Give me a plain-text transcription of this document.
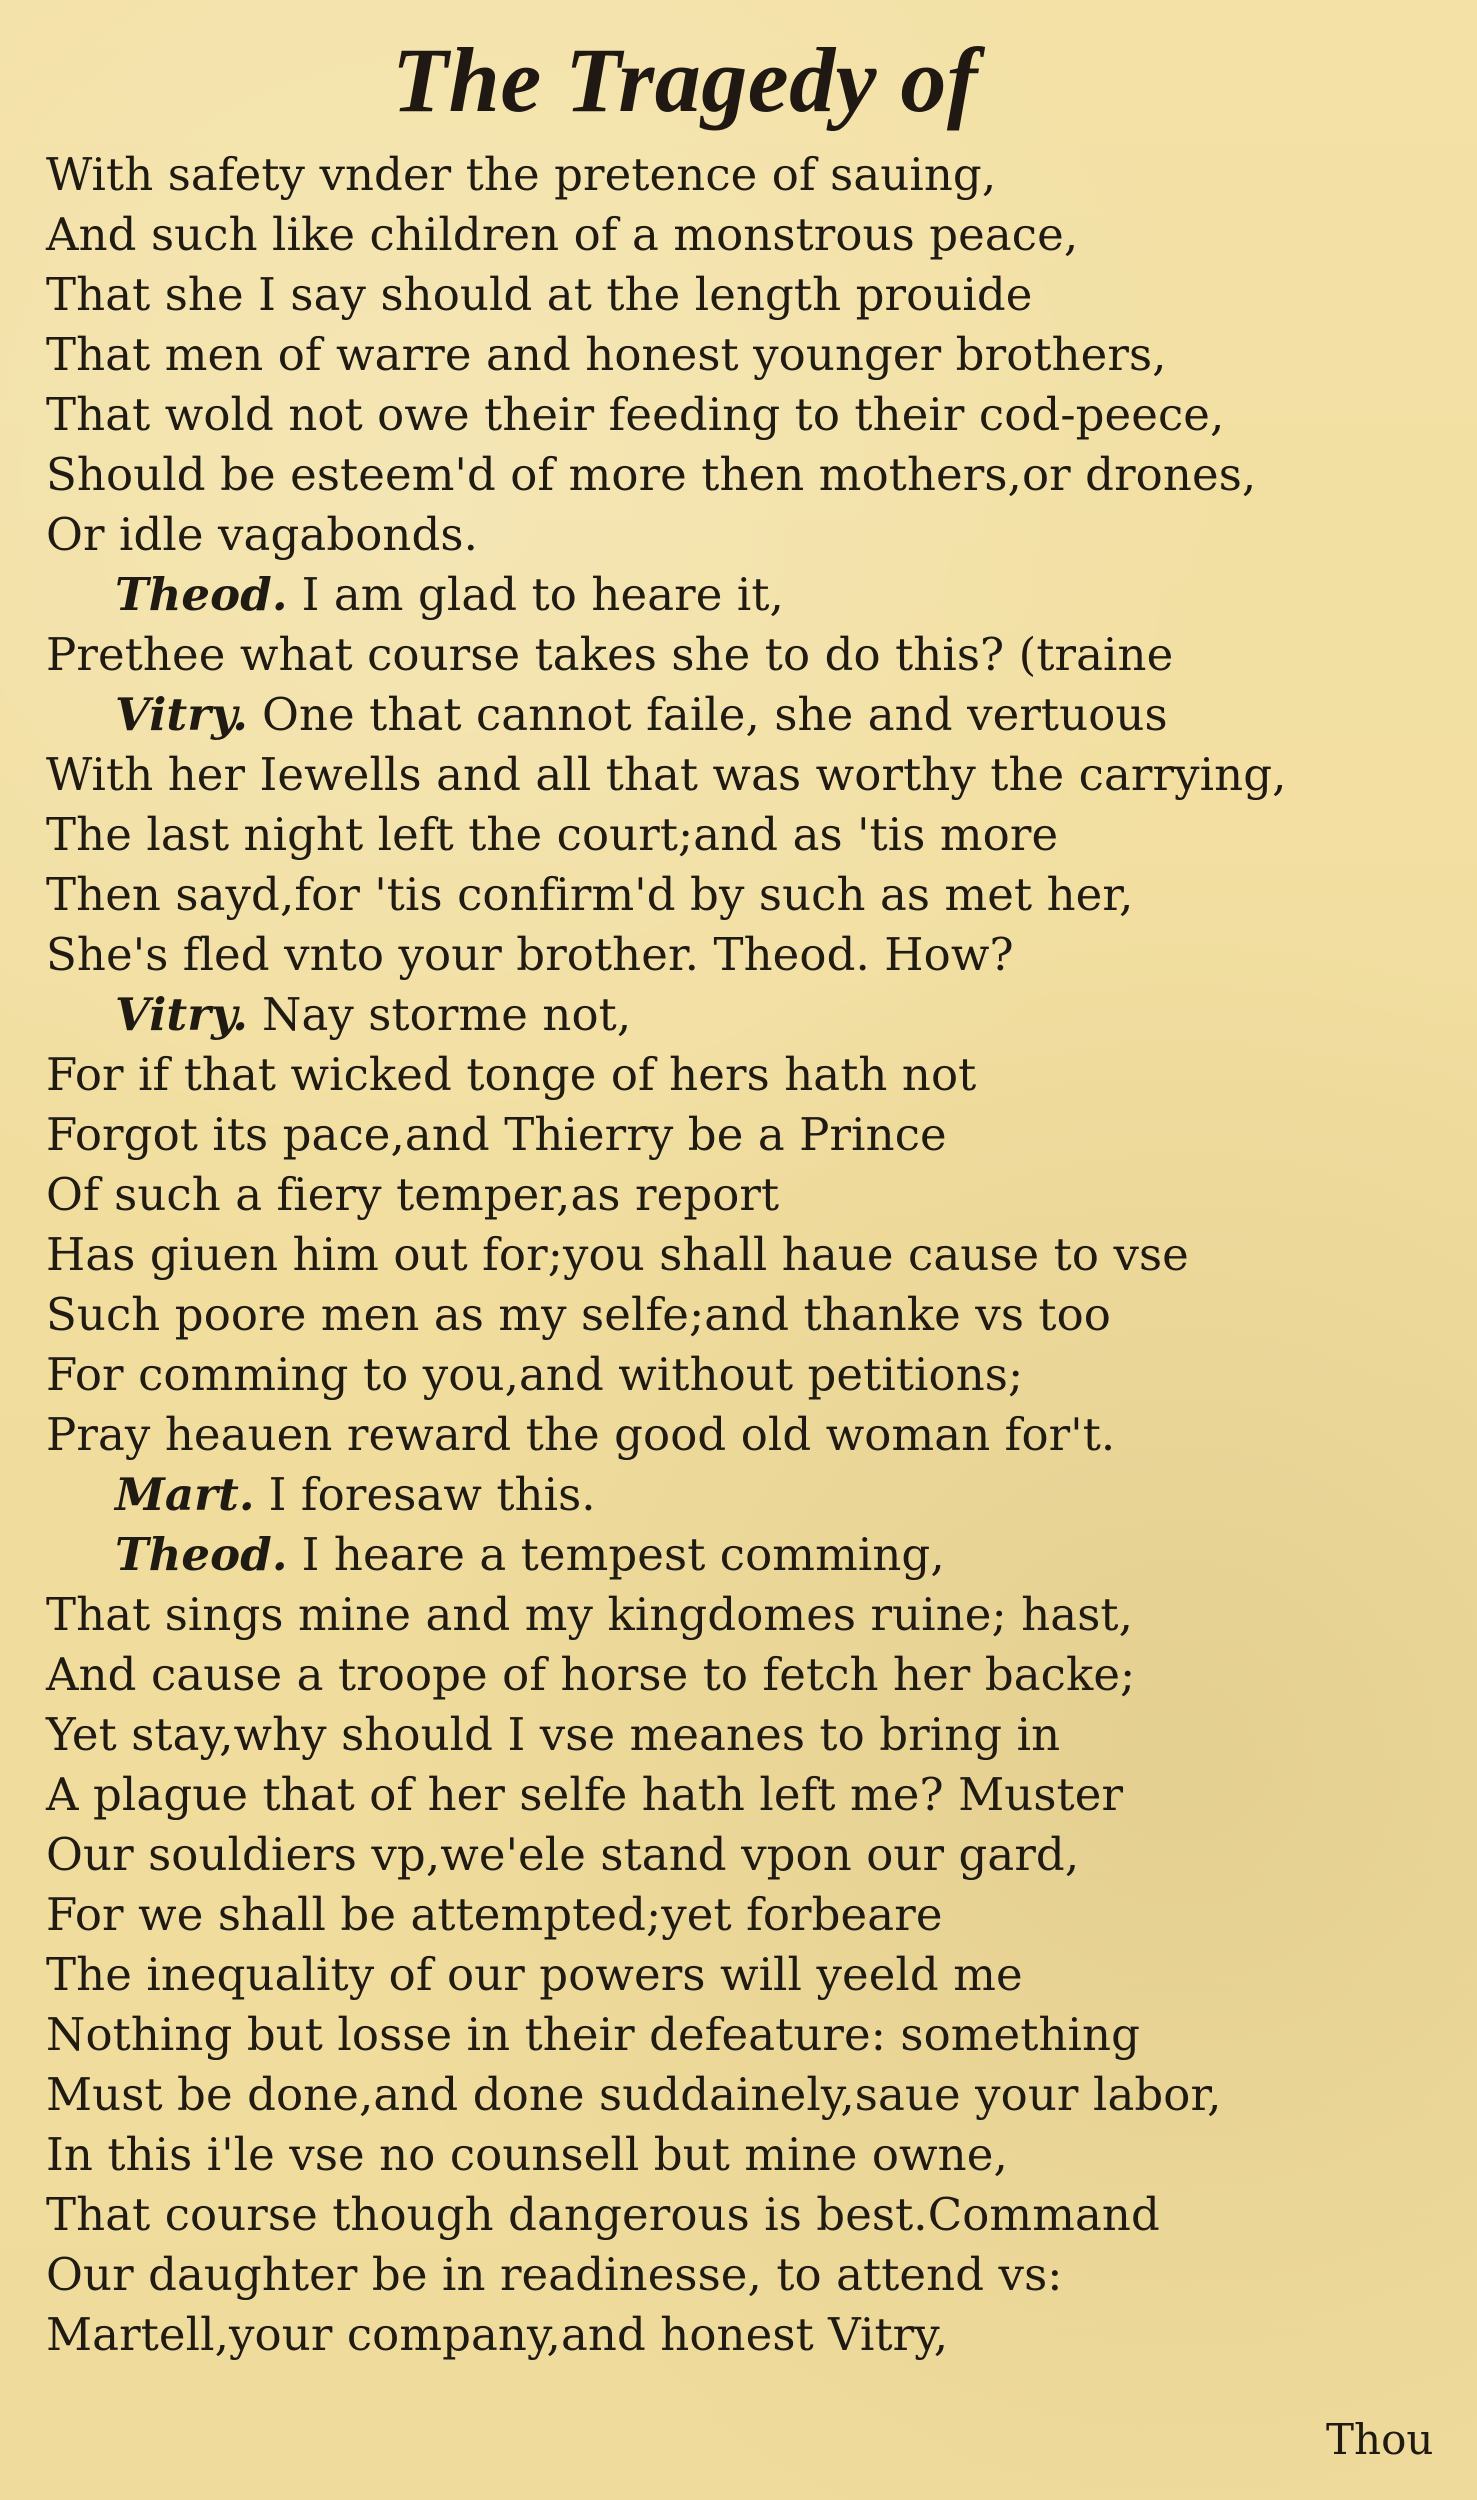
The Tragedy of
With safety vnder the pretence of sauing,
And such like children of a monstrous peace,
That she I say should at the length prouide
That men of warre and honest younger brothers,
That wold not owe their feeding to their cod-peece,
Should be esteem'd of more then mothers,or drones,
Or idle vagabonds.
Theod. I am glad to heare it,
Prethee what course takes she to do this? (traine
Vitry. One that cannot faile, she and vertuous
With her Iewells and all that was worthy the carrying,
The last night left the court;and as 'tis more
Then sayd,for 'tis confirm'd by such as met her,
She's fled vnto your brother. Theod. How?
Vitry. Nay storme not,
For if that wicked tonge of hers hath not
Forgot its pace,and Thierry be a Prince
Of such a fiery temper,as report
Has giuen him out for;you shall haue cause to vse
Such poore men as my selfe;and thanke vs too
For comming to you,and without petitions;
Pray heauen reward the good old woman for't.
Mart. I foresaw this.
Theod. I heare a tempest comming,
That sings mine and my kingdomes ruine; hast,
And cause a troope of horse to fetch her backe;
Yet stay,why should I vse meanes to bring in
A plague that of her selfe hath left me? Muster
Our souldiers vp,we'ele stand vpon our gard,
For we shall be attempted;yet forbeare
The inequality of our powers will yeeld me
Nothing but losse in their defeature: something
Must be done,and done suddainely,saue your labor,
In this i'le vse no counsell but mine owne,
That course though dangerous is best.Command
Our daughter be in readinesse, to attend vs:
Martell,your company,and honest Vitry,
Thou
